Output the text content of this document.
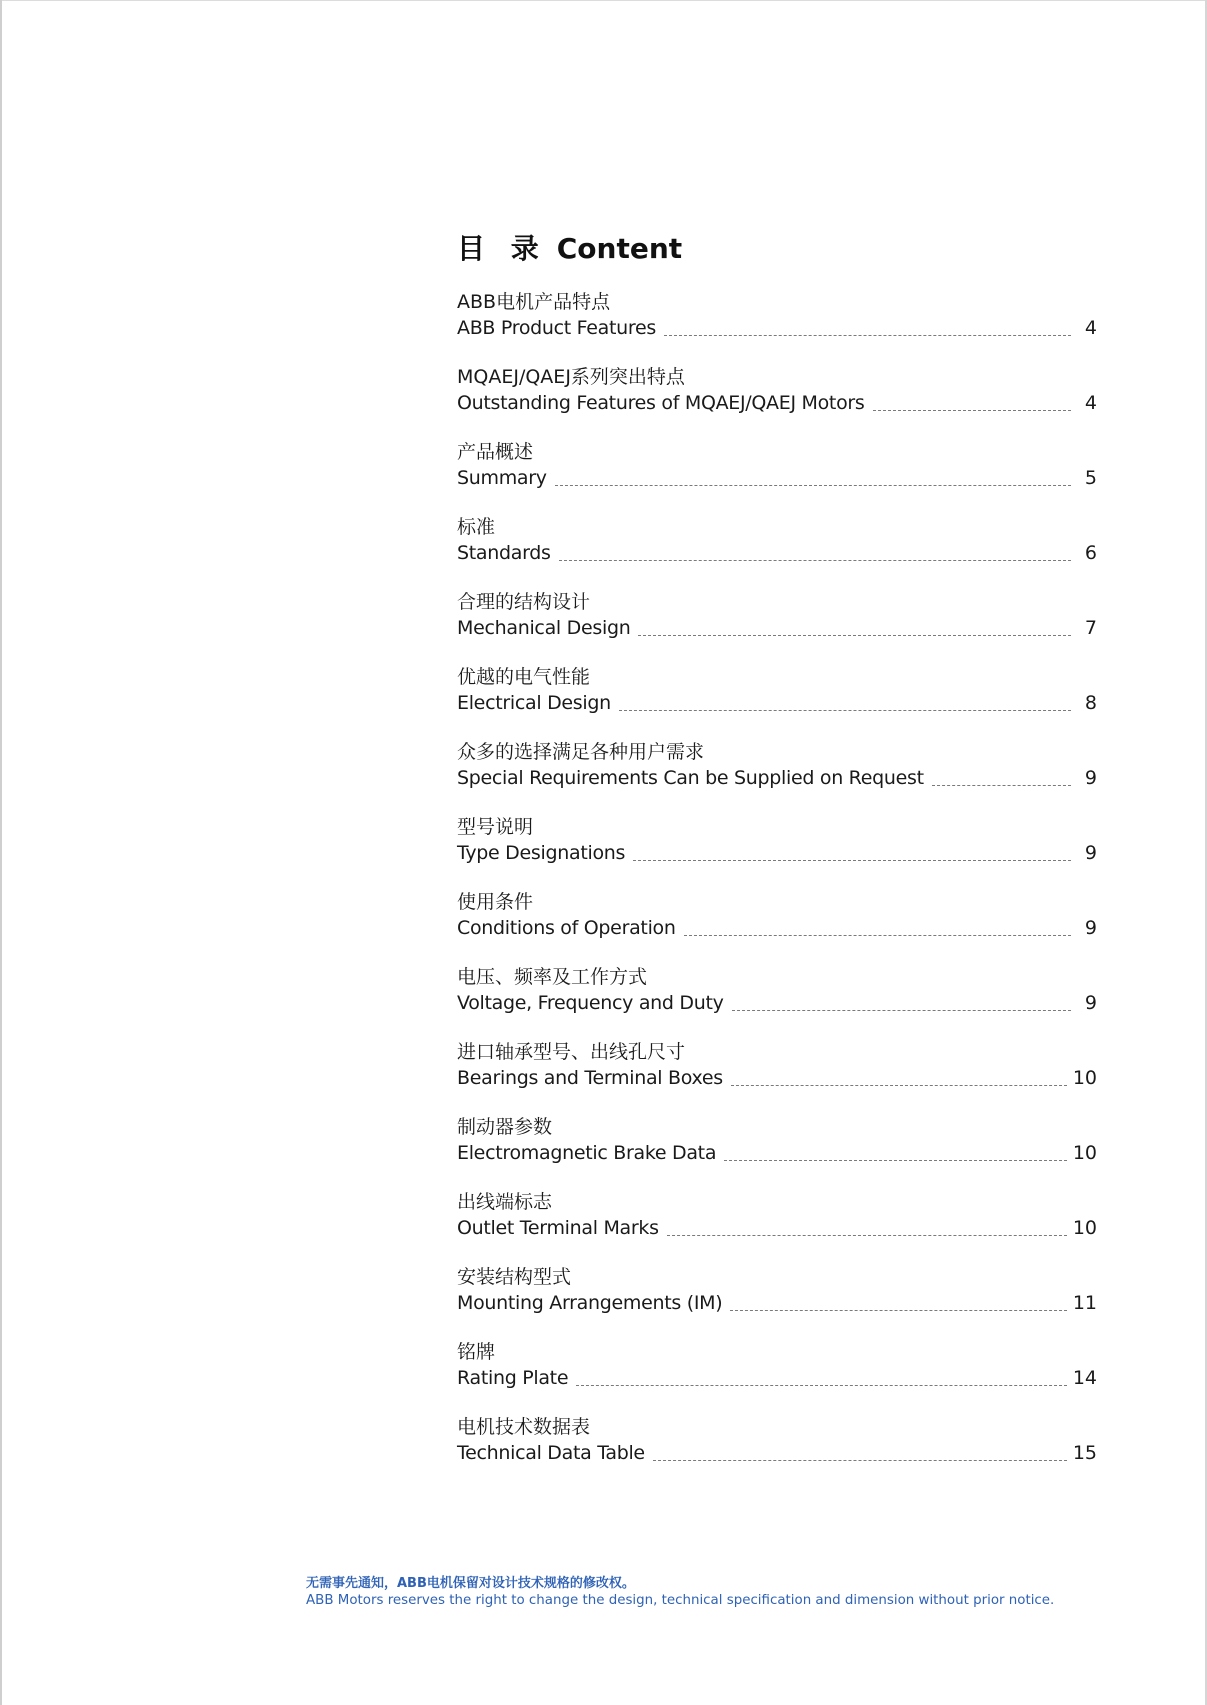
目 录 Content
ABB电机产品特点
ABB Product Features	4
MQAEJ/QAEJ系列突出特点
Outstanding Features of MQAEJ/QAEJ Motors	4
产品概述
Summary	5
标准
Standards	6
合理的结构设计
Mechanical Design	7
优越的电气性能
Electrical Design	8
众多的选择满足各种用户需求
Special Requirements Can be Supplied on Request	9
型号说明
Type Designations	9
使用条件
Conditions of Operation	9
电压、频率及工作方式
Voltage, Frequency and Duty	9
进口轴承型号、出线孔尺寸
Bearings and Terminal Boxes	10
制动器参数
Electromagnetic Brake Data	10
出线端标志
Outlet Terminal Marks	10
安装结构型式
Mounting Arrangements (IM)	11
铭牌
Rating Plate	14
电机技术数据表
Technical Data Table	15
无需事先通知，ABB电机保留对设计技术规格的修改权。
ABB Motors reserves the right to change the design, technical specification and dimension without prior notice.
